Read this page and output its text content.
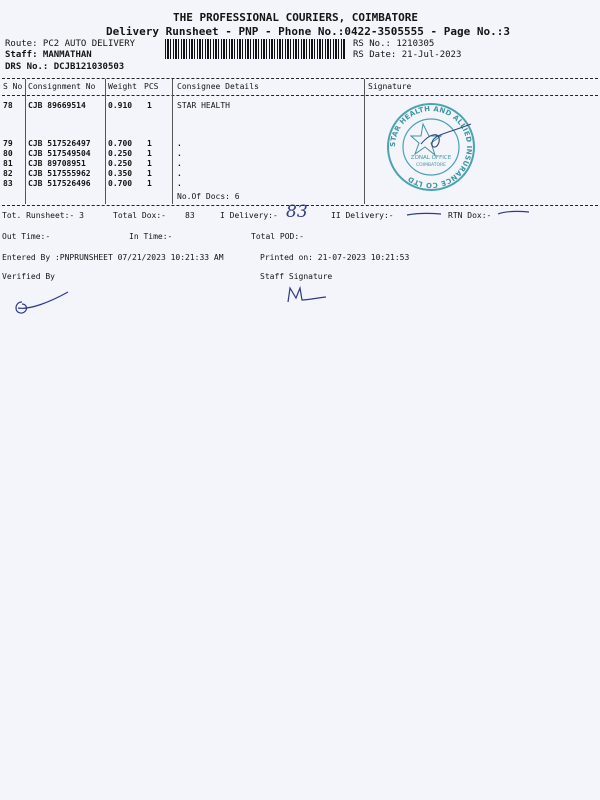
THE PROFESSIONAL COURIERS, COIMBATORE
Delivery Runsheet - PNP - Phone No.:0422-3505555 - Page No.:3
Route: PC2 AUTO DELIVERY
Staff: MANMATHAN
DRS No.: DCJB121030503
RS No.: 1210305
RS Date: 21-Jul-2023
S No Consignment No Weight PCS Consignee Details	Signature
78 CJB 89669514	0.910 1	STAR HEALTH
79 CJB 517526497 0.700 1	.
80 CJB 517549504 0.250 1	.
81 CJB 89708951	0.250 1	.
82 CJB 517555962 0.350 1	.
83 CJB 517526496 0.700 1	.
No.Of Docs: 6
STAR HEALTH AND ALLIED INSURANCE CO LTD
ZONAL OFFICE
COIMBATORE
Tot. Runsheet:- 3	Total Dox:- 83	I Delivery:- 83	II Delivery:-	RTN Dox:-
Out Time:-	In Time:-	Total POD:-
Entered By :PNPRUNSHEET 07/21/2023 10:21:33 AM	Printed on: 21-07-2023 10:21:53
Verified By	Staff Signature
